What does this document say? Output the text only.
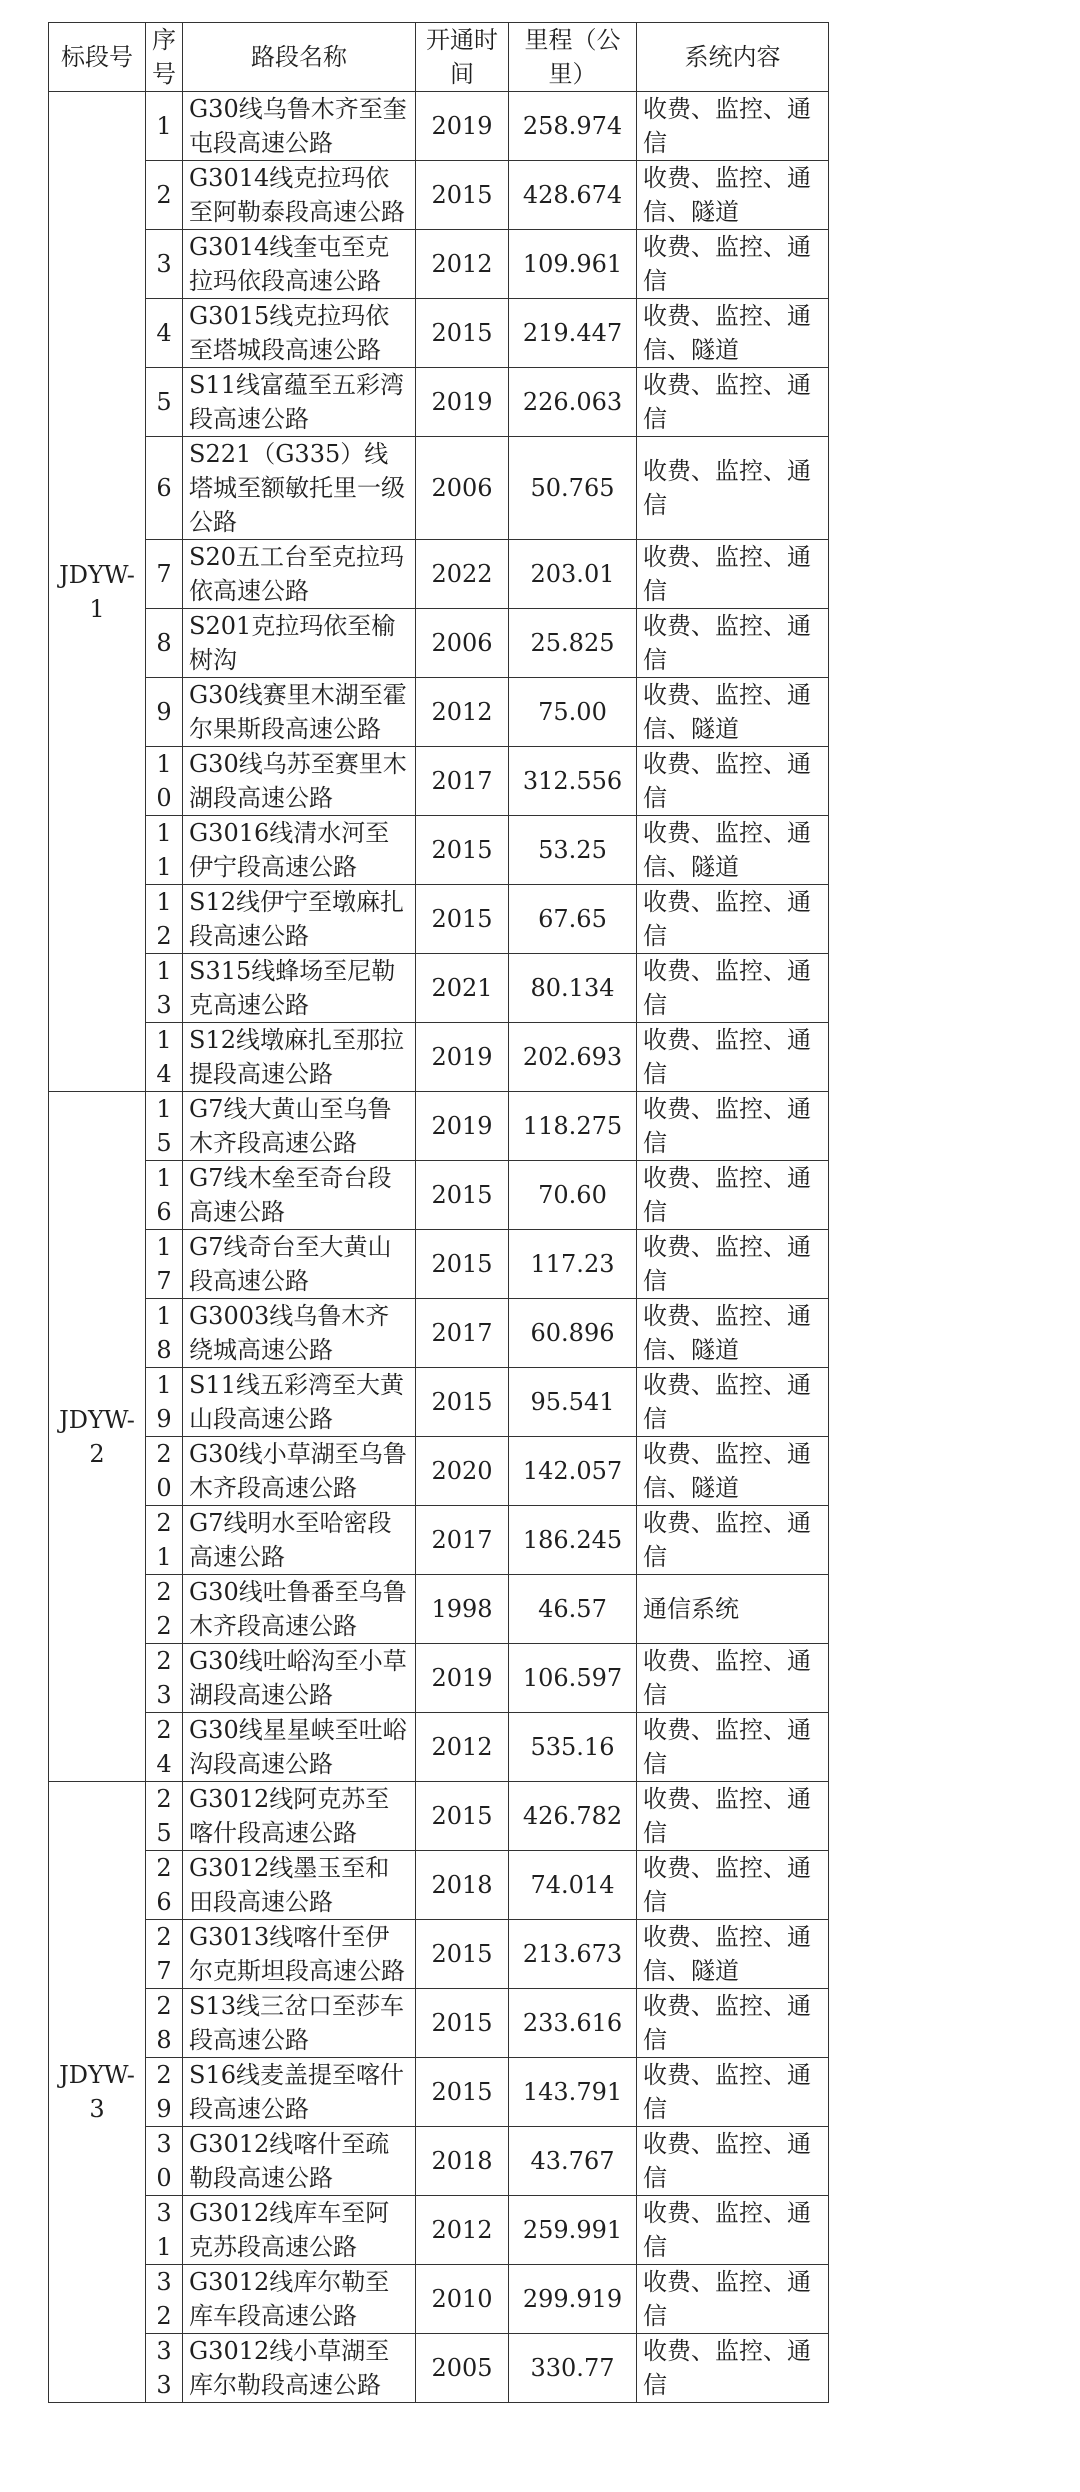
标段号	序号	路段名称	开通时间	里程（公里）	系统内容
JDYW-1	1	G30线乌鲁木齐至奎屯段高速公路	2019	258.974	收费、监控、通信
	2	G3014线克拉玛依至阿勒泰段高速公路	2015	428.674	收费、监控、通信、隧道
	3	G3014线奎屯至克拉玛依段高速公路	2012	109.961	收费、监控、通信
	4	G3015线克拉玛依至塔城段高速公路	2015	219.447	收费、监控、通信、隧道
	5	S11线富蕴至五彩湾段高速公路	2019	226.063	收费、监控、通信
	6	S221（G335）线塔城至额敏托里一级公路	2006	50.765	收费、监控、通信
	7	S20五工台至克拉玛依高速公路	2022	203.01	收费、监控、通信
	8	S201克拉玛依至榆树沟	2006	25.825	收费、监控、通信
	9	G30线赛里木湖至霍尔果斯段高速公路	2012	75.00	收费、监控、通信、隧道
	10	G30线乌苏至赛里木湖段高速公路	2017	312.556	收费、监控、通信
	11	G3016线清水河至伊宁段高速公路	2015	53.25	收费、监控、通信、隧道
	12	S12线伊宁至墩麻扎段高速公路	2015	67.65	收费、监控、通信
	13	S315线蜂场至尼勒克高速公路	2021	80.134	收费、监控、通信
	14	S12线墩麻扎至那拉提段高速公路	2019	202.693	收费、监控、通信
JDYW-2	15	G7线大黄山至乌鲁木齐段高速公路	2019	118.275	收费、监控、通信
	16	G7线木垒至奇台段高速公路	2015	70.60	收费、监控、通信
	17	G7线奇台至大黄山段高速公路	2015	117.23	收费、监控、通信
	18	G3003线乌鲁木齐绕城高速公路	2017	60.896	收费、监控、通信、隧道
	19	S11线五彩湾至大黄山段高速公路	2015	95.541	收费、监控、通信
	20	G30线小草湖至乌鲁木齐段高速公路	2020	142.057	收费、监控、通信、隧道
	21	G7线明水至哈密段高速公路	2017	186.245	收费、监控、通信
	22	G30线吐鲁番至乌鲁木齐段高速公路	1998	46.57	通信系统
	23	G30线吐峪沟至小草湖段高速公路	2019	106.597	收费、监控、通信
	24	G30线星星峡至吐峪沟段高速公路	2012	535.16	收费、监控、通信
JDYW-3	25	G3012线阿克苏至喀什段高速公路	2015	426.782	收费、监控、通信
	26	G3012线墨玉至和田段高速公路	2018	74.014	收费、监控、通信
	27	G3013线喀什至伊尔克斯坦段高速公路	2015	213.673	收费、监控、通信、隧道
	28	S13线三岔口至莎车段高速公路	2015	233.616	收费、监控、通信
	29	S16线麦盖提至喀什段高速公路	2015	143.791	收费、监控、通信
	30	G3012线喀什至疏勒段高速公路	2018	43.767	收费、监控、通信
	31	G3012线库车至阿克苏段高速公路	2012	259.991	收费、监控、通信
	32	G3012线库尔勒至库车段高速公路	2010	299.919	收费、监控、通信
	33	G3012线小草湖至库尔勒段高速公路	2005	330.77	收费、监控、通信
